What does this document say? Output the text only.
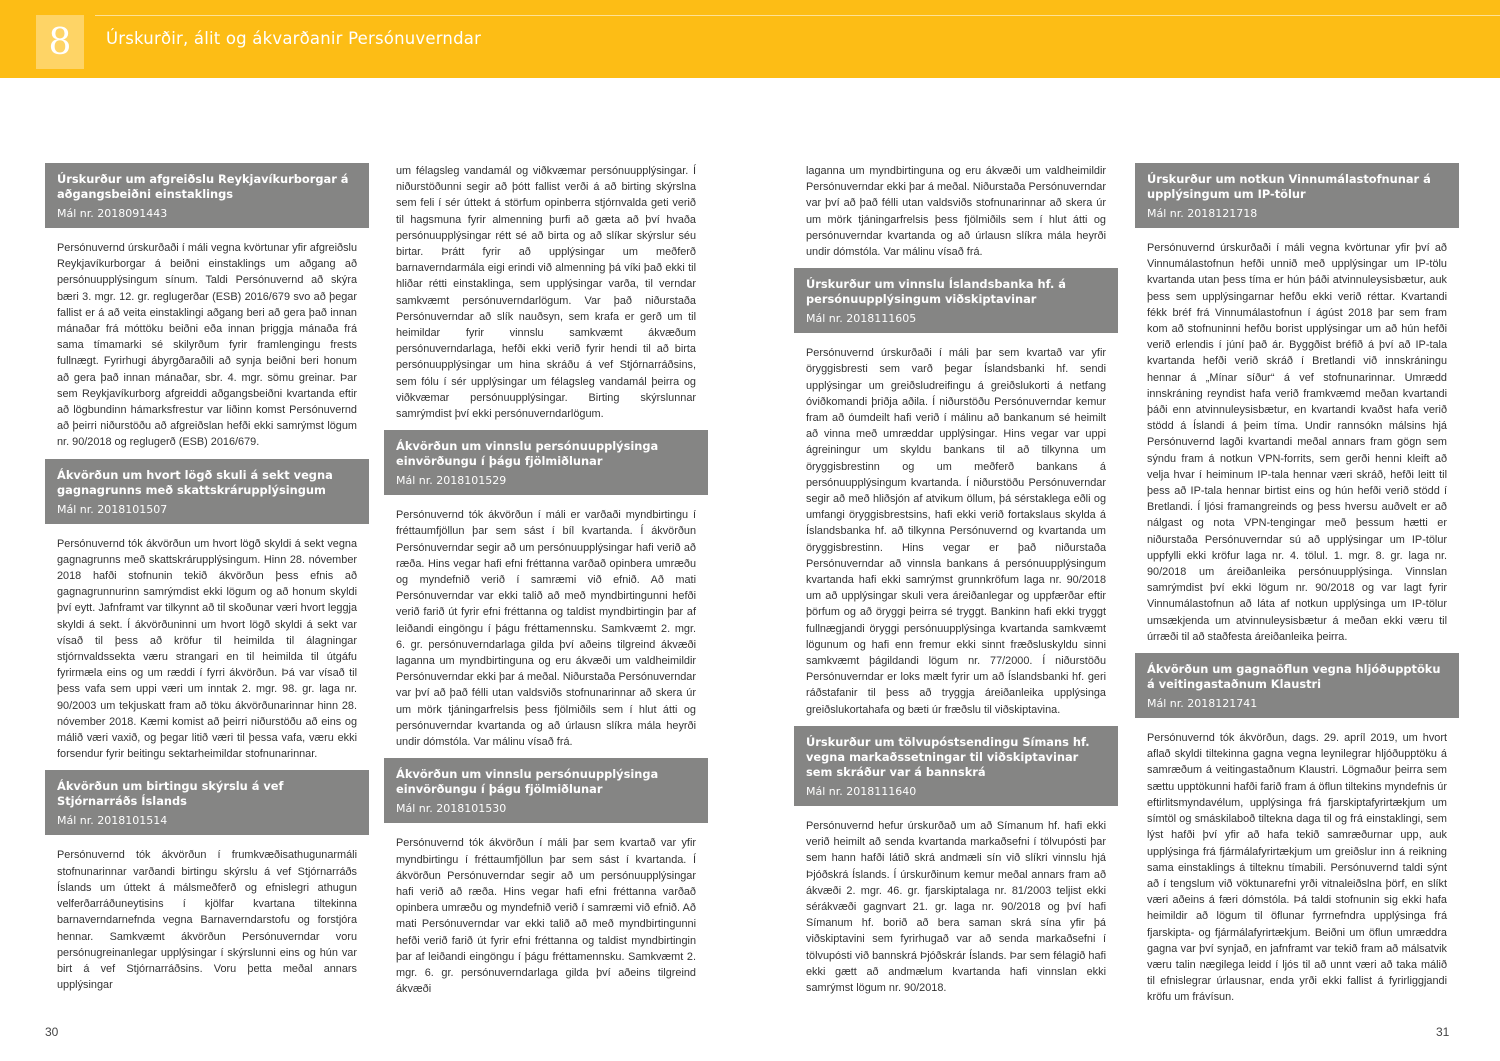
8 Úrskurðir, álit og ákvarðanir Persónuverndar
Úrskurður um afgreiðslu Reykjavíkurborgar á aðgangsbeiðni einstaklings
Mál nr. 2018091443

Persónuvernd úrskurðaði í máli vegna kvörtunar yfir afgreiðslu Reykjavíkurborgar á beiðni einstaklings um aðgang að persónuupplýsingum sínum. Taldi Persónuvernd að skýra bæri 3. mgr. 12. gr. reglugerðar (ESB) 2016/679 svo að þegar fallist er á að veita einstaklingi aðgang beri að gera það innan mánaðar frá móttöku beiðni eða innan þriggja mánaða frá sama tímamarki sé skilyrðum fyrir framlengingu frests fullnægt. Fyrirhugi ábyrgðaraðili að synja beiðni beri honum að gera það innan mánaðar, sbr. 4. mgr. sömu greinar. Þar sem Reykjavíkurborg afgreiddi aðgangsbeiðni kvartanda eftir að lögbundinn hámarksfrestur var liðinn komst Persónuvernd að þeirri niðurstöðu að afgreiðslan hefði ekki samrýmst lögum nr. 90/2018 og reglugerð (ESB) 2016/679.

Ákvörðun um hvort lögð skuli á sekt vegna gagnagrunns með skattskrárupplýsingum
Mál nr. 2018101507

Persónuvernd tók ákvörðun um hvort lögð skyldi á sekt vegna gagnagrunns með skattskrárupplýsingum. Hinn 28. nóvember 2018 hafði stofnunin tekið ákvörðun þess efnis að gagnagrunnurinn samrýmdist ekki lögum og að honum skyldi því eytt. Jafnframt var tilkynnt að til skoðunar væri hvort leggja skyldi á sekt. Í ákvörðuninni um hvort lögð skyldi á sekt var vísað til þess að kröfur til heimilda til álagningar stjórnvaldssekta væru strangari en til heimilda til útgáfu fyrirmæla eins og um ræddi í fyrri ákvörðun. Þá var vísað til þess vafa sem uppi væri um inntak 2. mgr. 98. gr. laga nr. 90/2003 um tekjuskatt fram að töku ákvörðunarinnar hinn 28. nóvember 2018. Kæmi komist að þeirri niðurstöðu að eins og málið væri vaxið, og þegar litið væri til þessa vafa, væru ekki forsendur fyrir beitingu sektarheimildar stofnunarinnar.

Ákvörðun um birtingu skýrslu á vef Stjórnarráðs Íslands
Mál nr. 2018101514

Persónuvernd tók ákvörðun í frumkvæðisathugunarmáli stofnunarinnar varðandi birtingu skýrslu á vef Stjórnarráðs Íslands um úttekt á málsmeðferð og efnislegri athugun velferðarráðuneytisins í kjölfar kvartana tiltekinna barnaverndarnefnda vegna Barnaverndarstofu og forstjóra hennar. Samkvæmt ákvörðun Persónuverndar voru persónugreinanlegar upplýsingar í skýrslunni eins og hún var birt á vef Stjórnarráðsins. Voru þetta meðal annars upplýsingar

um félagsleg vandamál og viðkvæmar persónuupplýsingar. Í niðurstöðunni segir að þótt fallist verði á að birting skýrslna sem feli í sér úttekt á störfum opinberra stjórnvalda geti verið til hagsmuna fyrir almenning þurfi að gæta að því hvaða persónuupplýsingar rétt sé að birta og að slíkar skýrslur séu birtar. Þrátt fyrir að upplýsingar um meðferð barnaverndarmála eigi erindi við almenning þá víki það ekki til hliðar rétti einstaklinga, sem upplýsingar varða, til verndar samkvæmt persónuverndarlögum. Var það niðurstaða Persónuverndar að slík nauðsyn, sem krafa er gerð um til heimildar fyrir vinnslu samkvæmt ákvæðum persónuverndarlaga, hefði ekki verið fyrir hendi til að birta persónuupplýsingar um hina skráðu á vef Stjórnarráðsins, sem fólu í sér upplýsingar um félagsleg vandamál þeirra og viðkvæmar persónuupplýsingar. Birting skýrslunnar samrýmdist því ekki persónuverndarlögum.

Ákvörðun um vinnslu persónuupplýsinga einvörðungu í þágu fjölmiðlunar
Mál nr. 2018101529

Persónuvernd tók ákvörðun í máli er varðaði myndbirtingu í fréttaumfjöllun þar sem sást í bíl kvartanda. Í ákvörðun Persónuverndar segir að um persónuupplýsingar hafi verið að ræða. Hins vegar hafi efni fréttanna varðað opinbera umræðu og myndefnið verið í samræmi við efnið. Að mati Persónuverndar var ekki talið að með myndbirtingunni hefði verið farið út fyrir efni fréttanna og taldist myndbirtingin þar af leiðandi eingöngu í þágu fréttamennsku. Samkvæmt 2. mgr. 6. gr. persónuverndarlaga gilda því aðeins tilgreind ákvæði laganna um myndbirtinguna og eru ákvæði um valdheimildir Persónuverndar ekki þar á meðal. Niðurstaða Persónuverndar var því að það félli utan valdsviðs stofnunarinnar að skera úr um mörk tjáningarfrelsis þess fjölmiðils sem í hlut átti og persónuverndar kvartanda og að úrlausn slíkra mála heyrði undir dómstóla. Var málinu vísað frá.

Ákvörðun um vinnslu persónuupplýsinga einvörðungu í þágu fjölmiðlunar
Mál nr. 2018101530

Persónuvernd tók ákvörðun í máli þar sem kvartað var yfir myndbirtingu í fréttaumfjöllun þar sem sást í kvartanda. Í ákvörðun Persónuverndar segir að um persónuupplýsingar hafi verið að ræða. Hins vegar hafi efni fréttanna varðað opinbera umræðu og myndefnið verið í samræmi við efnið. Að mati Persónuverndar var ekki talið að með myndbirtingunni hefði verið farið út fyrir efni fréttanna og taldist myndbirtingin þar af leiðandi eingöngu í þágu fréttamennsku. Samkvæmt 2. mgr. 6. gr. persónuverndarlaga gilda því aðeins tilgreind ákvæði

laganna um myndbirtinguna og eru ákvæði um valdheimildir Persónuverndar ekki þar á meðal. Niðurstaða Persónuverndar var því að það félli utan valdsviðs stofnunarinnar að skera úr um mörk tjáningarfrelsis þess fjölmiðils sem í hlut átti og persónuverndar kvartanda og að úrlausn slíkra mála heyrði undir dómstóla. Var málinu vísað frá.

Úrskurður um vinnslu Íslandsbanka hf. á persónuupplýsingum viðskiptavinar
Mál nr. 2018111605

Persónuvernd úrskurðaði í máli þar sem kvartað var yfir öryggisbresti sem varð þegar Íslandsbanki hf. sendi upplýsingar um greiðsludreifingu á greiðslukorti á netfang óviðkomandi þriðja aðila. Í niðurstöðu Persónuverndar kemur fram að óumdeilt hafi verið í málinu að bankanum sé heimilt að vinna með umræddar upplýsingar. Hins vegar var uppi ágreiningur um skyldu bankans til að tilkynna um öryggisbrestinn og um meðferð bankans á persónuupplýsingum kvartanda. Í niðurstöðu Persónuverndar segir að með hliðsjón af atvikum öllum, þá sérstaklega eðli og umfangi öryggisbrestsins, hafi ekki verið fortakslaus skylda á Íslandsbanka hf. að tilkynna Persónuvernd og kvartanda um öryggisbrestinn. Hins vegar er það niðurstaða Persónuverndar að vinnsla bankans á persónuupplýsingum kvartanda hafi ekki samrýmst grunnkröfum laga nr. 90/2018 um að upplýsingar skuli vera áreiðanlegar og uppfærðar eftir þörfum og að öryggi þeirra sé tryggt. Bankinn hafi ekki tryggt fullnægjandi öryggi persónuupplýsinga kvartanda samkvæmt lögunum og hafi enn fremur ekki sinnt fræðsluskyldu sinni samkvæmt þágildandi lögum nr. 77/2000. Í niðurstöðu Persónuverndar er loks mælt fyrir um að Íslandsbanki hf. geri ráðstafanir til þess að tryggja áreiðanleika upplýsinga greiðslukortahafa og bæti úr fræðslu til viðskiptavina.

Úrskurður um tölvupóstsendingu Símans hf. vegna markaðssetningar til viðskiptavinar sem skráður var á bannskrá
Mál nr. 2018111640

Persónuvernd hefur úrskurðað um að Símanum hf. hafi ekki verið heimilt að senda kvartanda markaðsefni í tölvupósti þar sem hann hafði látið skrá andmæli sín við slíkri vinnslu hjá Þjóðskrá Íslands. Í úrskurðinum kemur meðal annars fram að ákvæði 2. mgr. 46. gr. fjarskiptalaga nr. 81/2003 teljist ekki sérákvæði gagnvart 21. gr. laga nr. 90/2018 og því hafi Símanum hf. borið að bera saman skrá sína yfir þá viðskiptavini sem fyrirhugað var að senda markaðsefni í tölvupósti við bannskrá Þjóðskrár Íslands. Þar sem félagið hafi ekki gætt að andmælum kvartanda hafi vinnslan ekki samrýmst lögum nr. 90/2018.

Úrskurður um notkun Vinnumálastofnunar á upplýsingum um IP-tölur
Mál nr. 2018121718

Persónuvernd úrskurðaði í máli vegna kvörtunar yfir því að Vinnumálastofnun hefði unnið með upplýsingar um IP-tölu kvartanda utan þess tíma er hún þáði atvinnuleysisbætur, auk þess sem upplýsingarnar hefðu ekki verið réttar. Kvartandi fékk bréf frá Vinnumálastofnun í ágúst 2018 þar sem fram kom að stofnuninni hefðu borist upplýsingar um að hún hefði verið erlendis í júní það ár. Byggðist bréfið á því að IP-tala kvartanda hefði verið skráð í Bretlandi við innskráningu hennar á „Mínar síður“ á vef stofnunarinnar. Umrædd innskráning reyndist hafa verið framkvæmd meðan kvartandi þáði enn atvinnuleysisbætur, en kvartandi kvaðst hafa verið stödd á Íslandi á þeim tíma. Undir rannsókn málsins hjá Persónuvernd lagði kvartandi meðal annars fram gögn sem sýndu fram á notkun VPN-forrits, sem gerði henni kleift að velja hvar í heiminum IP-tala hennar væri skráð, hefði leitt til þess að IP-tala hennar birtist eins og hún hefði verið stödd í Bretlandi. Í ljósi framangreinds og þess hversu auðvelt er að nálgast og nota VPN-tengingar með þessum hætti er niðurstaða Persónuverndar sú að upplýsingar um IP-tölur uppfylli ekki kröfur laga nr. 4. tölul. 1. mgr. 8. gr. laga nr. 90/2018 um áreiðanleika persónuupplýsinga. Vinnslan samrýmdist því ekki lögum nr. 90/2018 og var lagt fyrir Vinnumálastofnun að láta af notkun upplýsinga um IP-tölur umsækjenda um atvinnuleysisbætur á meðan ekki væru til úrræði til að staðfesta áreiðanleika þeirra.

Ákvörðun um gagnaöflun vegna hljóðupptöku á veitingastaðnum Klaustri
Mál nr. 2018121741

Persónuvernd tók ákvörðun, dags. 29. apríl 2019, um hvort aflað skyldi tiltekinna gagna vegna leynilegrar hljóðupptöku á samræðum á veitingastaðnum Klaustri. Lögmaður þeirra sem sættu upptökunni hafði farið fram á öflun tiltekins myndefnis úr eftirlitsmyndavélum, upplýsinga frá fjarskiptafyrirtækjum um símtöl og smáskilaboð tiltekna daga til og frá einstaklingi, sem lýst hafði því yfir að hafa tekið samræðurnar upp, auk upplýsinga frá fjármálafyrirtækjum um greiðslur inn á reikning sama einstaklings á tilteknu tímabili. Persónuvernd taldi sýnt að í tengslum við vöktunarefni yrði vitnaleiðslna þörf, en slíkt væri aðeins á færi dómstóla. Þá taldi stofnunin sig ekki hafa heimildir að lögum til öflunar fyrrnefndra upplýsinga frá fjarskipta- og fjármálafyrirtækjum. Beiðni um öflun umræddra gagna var því synjað, en jafnframt var tekið fram að málsatvik væru talin nægilega leidd í ljós til að unnt væri að taka málið til efnislegrar úrlausnar, enda yrði ekki fallist á fyrirliggjandi kröfu um frávísun.

30	31
